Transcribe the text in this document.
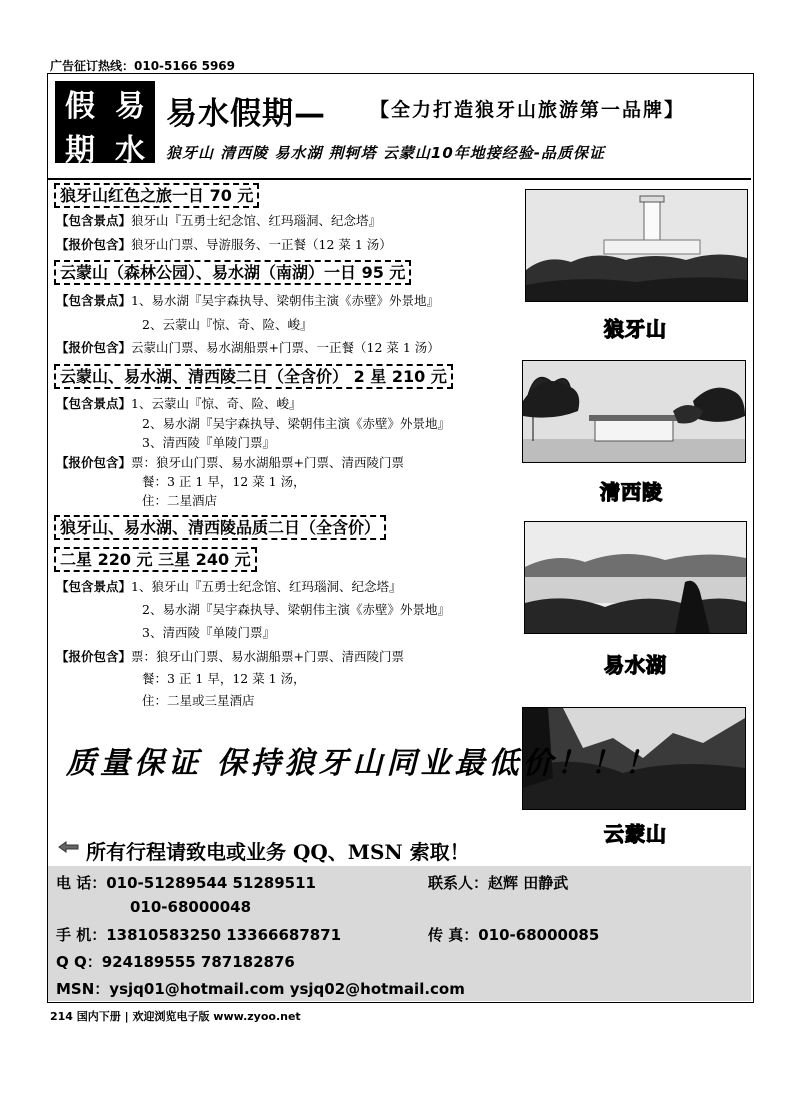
广告征订热线：010-5166 5969
假 易
期 水
易水假期— 【全力打造狼牙山旅游第一品牌】
狼牙山 清西陵 易水湖 荆轲塔 云蒙山10年地接经验-品质保证
狼牙山红色之旅一日 70 元
【包含景点】狼牙山『五勇士纪念馆、红玛瑙洞、纪念塔』
【报价包含】狼牙山门票、导游服务、一正餐（12 菜 1 汤）
云蒙山（森林公园）、易水湖（南湖）一日 95 元
【包含景点】1、易水湖『吴宇森执导、梁朝伟主演《赤壁》外景地』
2、云蒙山『惊、奇、险、峻』
【报价包含】云蒙山门票、易水湖船票+门票、一正餐（12 菜 1 汤）
云蒙山、易水湖、清西陵二日（全含价） 2 星 210 元
【包含景点】1、云蒙山『惊、奇、险、峻』
2、易水湖『吴宇森执导、梁朝伟主演《赤壁》外景地』
3、清西陵『单陵门票』
【报价包含】票：狼牙山门票、易水湖船票+门票、清西陵门票
餐：3 正 1 早，12 菜 1 汤，
住：二星酒店
狼牙山、易水湖、清西陵品质二日（全含价）
二星 220 元 三星 240 元
【包含景点】1、狼牙山『五勇士纪念馆、红玛瑙洞、纪念塔』
2、易水湖『吴宇森执导、梁朝伟主演《赤壁》外景地』
3、清西陵『单陵门票』
【报价包含】票：狼牙山门票、易水湖船票+门票、清西陵门票
餐：3 正 1 早，12 菜 1 汤，
住：二星或三星酒店
狼牙山
清西陵
易水湖
云蒙山
质量保证 保持狼牙山同业最低价！！！
所有行程请致电或业务 QQ、MSN 索取！
电 话：010-51289544 51289511	联系人：赵辉 田静武
010-68000048
手 机：13810583250 13366687871	传 真：010-68000085
Q Q：924189555 787182876
MSN：ysjq01@hotmail.com ysjq02@hotmail.com
214 国内下册 | 欢迎浏览电子版 www.zyoo.net
